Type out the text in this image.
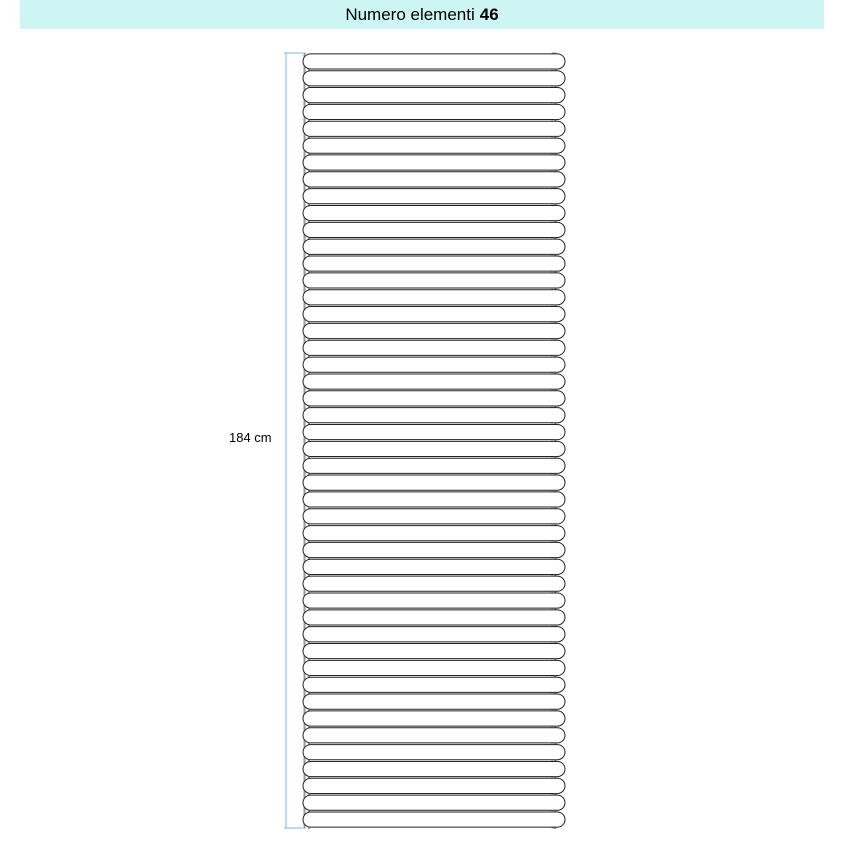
Numero elementi 46
184 cm
